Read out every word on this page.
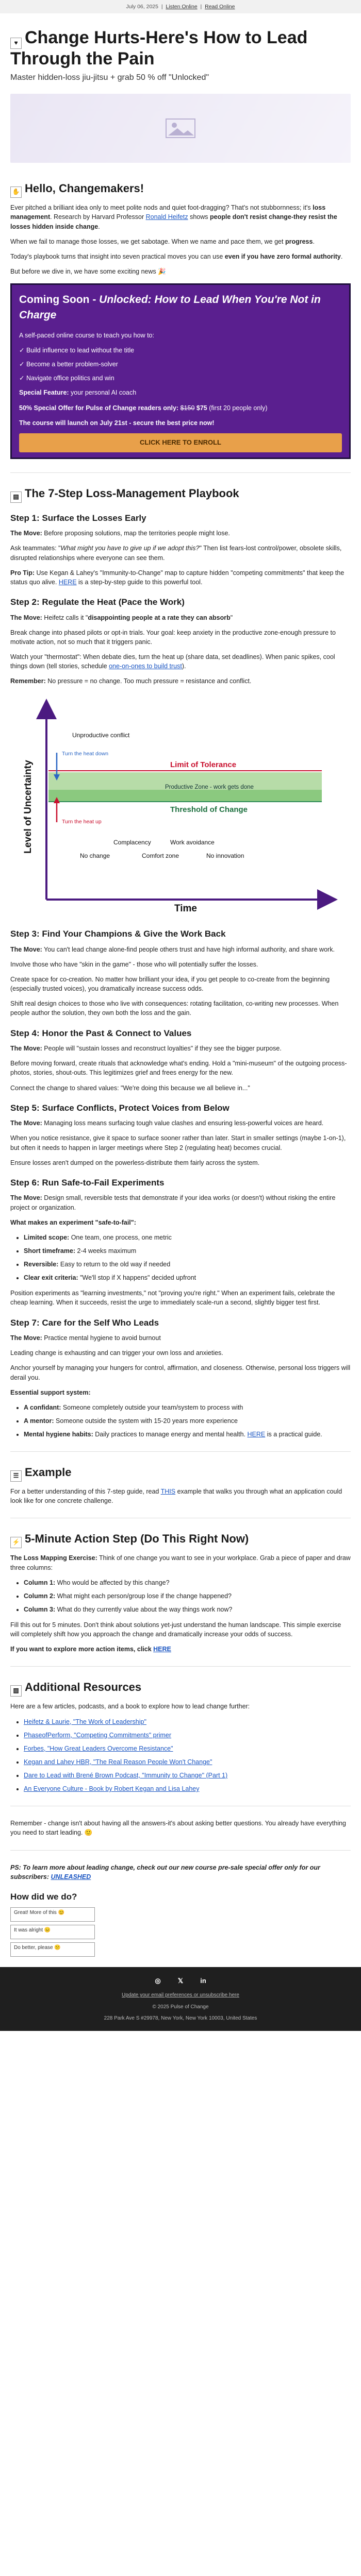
July 06, 2025 | Listen Online | Read Online
♥ Change Hurts-Here's How to Lead Through the Pain
Master hidden-loss jiu-jitsu + grab 50 % off "Unlocked"
✋ Hello, Changemakers!

Ever pitched a brilliant idea only to meet polite nods and quiet foot-dragging? That's not stubbornness; it's loss management. Research by Harvard Professor Ronald Heifetz shows people don't resist change-they resist the losses hidden inside change.

When we fail to manage those losses, we get sabotage. When we name and pace them, we get progress.

Today's playbook turns that insight into seven practical moves you can use even if you have zero formal authority.

But before we dive in, we have some exciting news 🎉

Coming Soon - Unlocked: How to Lead When You're Not in Charge

A self-paced online course to teach you how to:

✓ Build influence to lead without the title
✓ Become a better problem-solver
✓ Navigate office politics and win

Special Feature: your personal AI coach

50% Special Offer for Pulse of Change readers only: $150 $75 (first 20 people only)

The course will launch on July 21st - secure the best price now!

CLICK HERE TO ENROLL
▤ The 7-Step Loss-Management Playbook
Step 1: Surface the Losses Early

The Move: Before proposing solutions, map the territories people might lose.

Ask teammates: "What might you have to give up if we adopt this?" Then list fears-lost control/power, obsolete skills, disrupted relationships where everyone can see them.

Pro Tip: Use Kegan & Lahey's "Immunity-to-Change" map to capture hidden "competing commitments" that keep the status quo alive. HERE is a step-by-step guide to this powerful tool.

Step 2: Regulate the Heat (Pace the Work)

The Move: Heifetz calls it "disappointing people at a rate they can absorb"

Break change into phased pilots or opt-in trials. Your goal: keep anxiety in the productive zone-enough pressure to motivate action, not so much that it triggers panic.

Watch your "thermostat": When debate dies, turn the heat up (share data, set deadlines). When panic spikes, cool things down (tell stories, schedule one-on-ones to build trust).

Remember: No pressure = no change. Too much pressure = resistance and conflict.

Level of Uncertainty
Time
Unproductive conflict
Limit of Tolerance
Productive Zone - work gets done
Threshold of Change
Turn the heat down
Turn the heat up
Complacency	Work avoidance
No change	Comfort zone	No innovation
Step 3: Find Your Champions & Give the Work Back

The Move: You can't lead change alone-find people others trust and have high informal authority, and share work.

Involve those who have "skin in the game" - those who will potentially suffer the losses.

Create space for co-creation. No matter how brilliant your idea, if you get people to co-create from the beginning (especially trusted voices), you dramatically increase success odds.

Shift real design choices to those who live with consequences: rotating facilitation, co-writing new processes. When people author the solution, they own both the loss and the gain.

Step 4: Honor the Past & Connect to Values

The Move: People will "sustain losses and reconstruct loyalties" if they see the bigger purpose.

Before moving forward, create rituals that acknowledge what's ending. Hold a "mini-museum" of the outgoing process-photos, stories, shout-outs. This legitimizes grief and frees energy for the new.

Connect the change to shared values: "We're doing this because we all believe in..."

Step 5: Surface Conflicts, Protect Voices from Below

The Move: Managing loss means surfacing tough value clashes and ensuring less-powerful voices are heard.

When you notice resistance, give it space to surface sooner rather than later. Start in smaller settings (maybe 1-on-1), but often it needs to happen in larger meetings where Step 2 (regulating heat) becomes crucial.

Ensure losses aren't dumped on the powerless-distribute them fairly across the system.

Step 6: Run Safe-to-Fail Experiments

The Move: Design small, reversible tests that demonstrate if your idea works (or doesn't) without risking the entire project or organization.

What makes an experiment "safe-to-fail":

• Limited scope: One team, one process, one metric
• Short timeframe: 2-4 weeks maximum
• Reversible: Easy to return to the old way if needed
• Clear exit criteria: "We'll stop if X happens" decided upfront

Position experiments as "learning investments," not "proving you're right." When an experiment fails, celebrate the cheap learning. When it succeeds, resist the urge to immediately scale-run a second, slightly bigger test first.

Step 7: Care for the Self Who Leads

The Move: Practice mental hygiene to avoid burnout

Leading change is exhausting and can trigger your own loss and anxieties.

Anchor yourself by managing your hungers for control, affirmation, and closeness. Otherwise, personal loss triggers will derail you.

Essential support system:

• A confidant: Someone completely outside your team/system to process with
• A mentor: Someone outside the system with 15-20 years more experience
• Mental hygiene habits: Daily practices to manage energy and mental health. HERE is a practical guide.
☰ Example

For a better understanding of this 7-step guide, read THIS example that walks you through what an application could look like for one concrete challenge.

⚡ 5-Minute Action Step (Do This Right Now)

The Loss Mapping Exercise: Think of one change you want to see in your workplace. Grab a piece of paper and draw three columns:

• Column 1: Who would be affected by this change?
• Column 2: What might each person/group lose if the change happened?
• Column 3: What do they currently value about the way things work now?

Fill this out for 5 minutes. Don't think about solutions yet-just understand the human landscape. This simple exercise will completely shift how you approach the change and dramatically increase your odds of success.

If you want to explore more action items, click HERE

▥ Additional Resources

Here are a few articles, podcasts, and a book to explore how to lead change further:

• Heifetz & Laurie, "The Work of Leadership"
• PhaseofPerform, "Competing Commitments" primer
• Forbes, "How Great Leaders Overcome Resistance"
• Kegan and Lahey HBR, "The Real Reason People Won't Change"
• Dare to Lead with Brené Brown Podcast, "Immunity to Change" (Part 1)
• An Everyone Culture - Book by Robert Kegan and Lisa Lahey

Remember - change isn't about having all the answers-it's about asking better questions. You already have everything you need to start leading. 🙂

PS: To learn more about leading change, check out our new course pre-sale special offer only for our subscribers: UNLEASHED

How did we do?
Great! More of this 😊
It was alright 😐
Do better, please 😕
◎	𝕏	in
Update your email preferences or unsubscribe here
© 2025 Pulse of Change
228 Park Ave S #29978, New York, New York 10003, United States
